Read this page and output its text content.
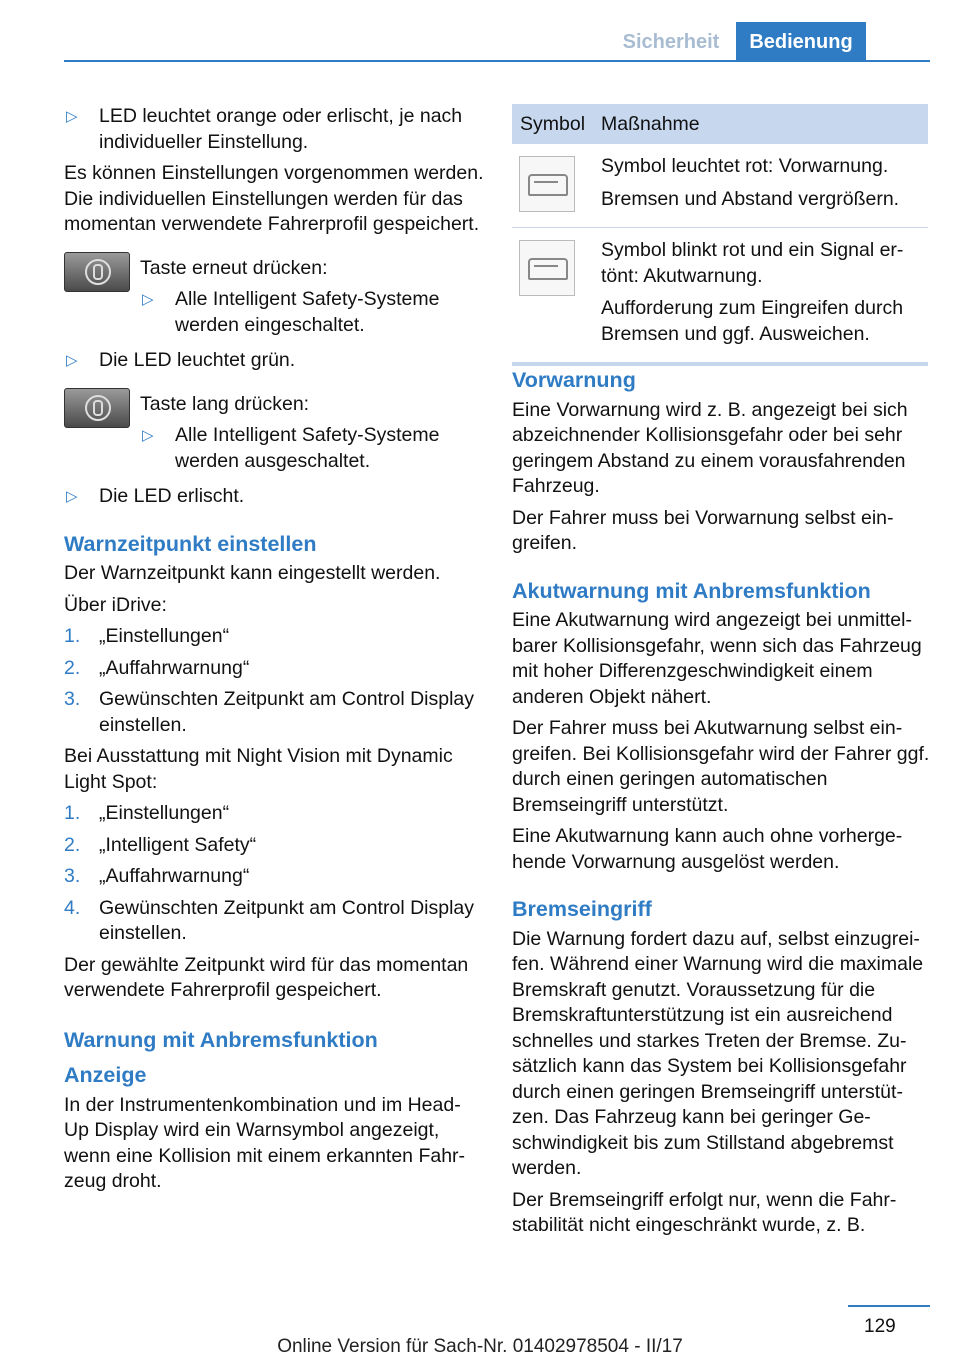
Sicherheit	Bedienung
▷ LED leuchtet orange oder erlischt, je nach individueller Einstellung.

Es können Einstellungen vorgenommen werden. Die individuellen Einstellungen werden für das momentan verwendete Fahrerprofil gespeichert.

Taste erneut drücken:
▷ Alle Intelligent Safety-Systeme werden eingeschaltet.
▷ Die LED leuchtet grün.
Taste lang drücken:
▷ Alle Intelligent Safety-Systeme werden ausgeschaltet.
▷ Die LED erlischt.
Warnzeitpunkt einstellen

Der Warnzeitpunkt kann eingestellt werden.

Über iDrive:

1. „Einstellungen“
2. „Auffahrwarnung“
3. Gewünschten Zeitpunkt am Control Display einstellen.

Bei Ausstattung mit Night Vision mit Dynamic Light Spot:

1. „Einstellungen“
2. „Intelligent Safety“
3. „Auffahrwarnung“
4. Gewünschten Zeitpunkt am Control Display einstellen.

Der gewählte Zeitpunkt wird für das momentan verwendete Fahrerprofil gespeichert.

Warnung mit Anbremsfunktion
Anzeige

In der Instrumentenkombination und im Head-Up Display wird ein Warnsymbol angezeigt, wenn eine Kollision mit einem erkannten Fahrzeug droht.

Symbol Maßnahme

Symbol leuchtet rot: Vorwarnung.

Bremsen und Abstand vergrößern.

Symbol blinkt rot und ein Signal ertönt: Akutwarnung.

Aufforderung zum Eingreifen durch Bremsen und ggf. Ausweichen.

Vorwarnung

Eine Vorwarnung wird z. B. angezeigt bei sich abzeichnender Kollisionsgefahr oder bei sehr geringem Abstand zu einem vorausfahrenden Fahrzeug.

Der Fahrer muss bei Vorwarnung selbst eingreifen.

Akutwarnung mit Anbremsfunktion

Eine Akutwarnung wird angezeigt bei unmittelbarer Kollisionsgefahr, wenn sich das Fahrzeug mit hoher Differenzgeschwindigkeit einem anderen Objekt nähert.

Der Fahrer muss bei Akutwarnung selbst eingreifen. Bei Kollisionsgefahr wird der Fahrer ggf. durch einen geringen automatischen Bremseingriff unterstützt.

Eine Akutwarnung kann auch ohne vorhergehende Vorwarnung ausgelöst werden.

Bremseingriff

Die Warnung fordert dazu auf, selbst einzugreifen. Während einer Warnung wird die maximale Bremskraft genutzt. Voraussetzung für die Bremskraftunterstützung ist ein ausreichend schnelles und starkes Treten der Bremse. Zusätzlich kann das System bei Kollisionsgefahr durch einen geringen Bremseingriff unterstützen. Das Fahrzeug kann bei geringer Geschwindigkeit bis zum Stillstand abgebremst werden.

Der Bremseingriff erfolgt nur, wenn die Fahrstabilität nicht eingeschränkt wurde, z. B.

129
Online Version für Sach-Nr. 01402978504 - II/17
